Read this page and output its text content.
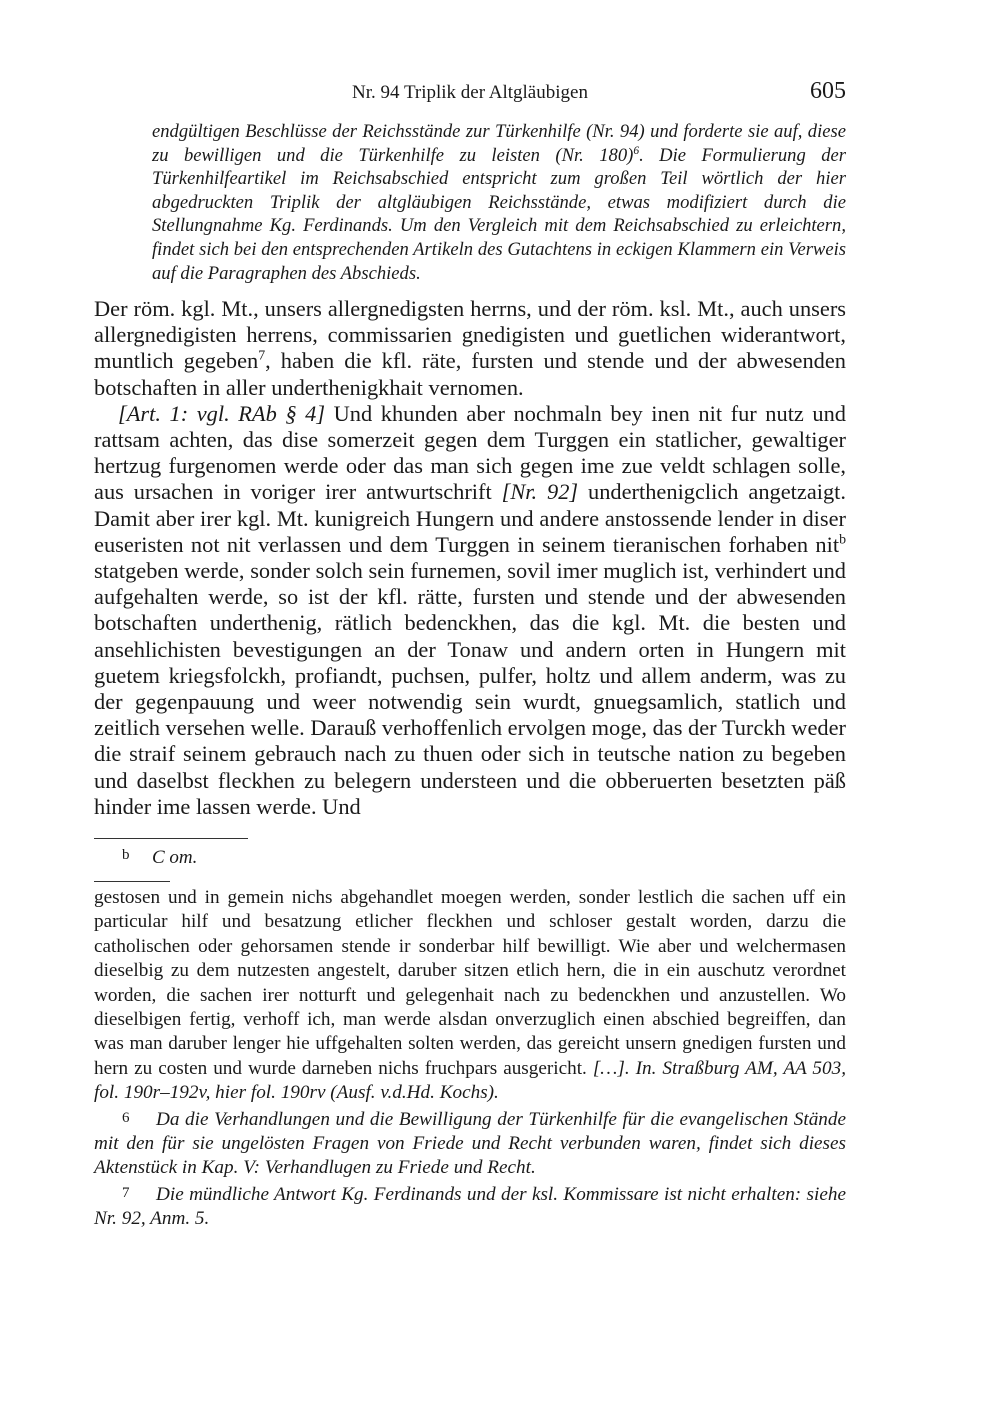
Nr. 94 Triplik der Altgläubigen	605

endgültigen Beschlüsse der Reichsstände zur Türkenhilfe (Nr. 94) und forderte sie auf, diese zu bewilligen und die Türkenhilfe zu leisten (Nr. 180)$^6$. Die Formulierung der Türkenhilfeartikel im Reichsabschied entspricht zum großen Teil wörtlich der hier abgedruckten Triplik der altgläubigen Reichsstände, etwas modifiziert durch die Stellungnahme Kg. Ferdinands. Um den Vergleich mit dem Reichsabschied zu erleichtern, findet sich bei den entsprechenden Artikeln des Gutachtens in eckigen Klammern ein Verweis auf die Paragraphen des Abschieds.

Der röm. kgl. Mt., unsers allergnedigsten herrns, und der röm. ksl. Mt., auch unsers allergnedigisten herrens, commissarien gnedigisten und guetlichen widerantwort, muntlich gegeben$^7$, haben die kfl. räte, fursten und stende und der abwesenden botschaften in aller underthenigkhait vernomen.

[Art. 1: vgl. RAb § 4] Und khunden aber nochmaln bey inen nit fur nutz und rattsam achten, das dise somerzeit gegen dem Turggen ein statlicher, gewaltiger hertzug furgenomen werde oder das man sich gegen ime zue veldt schlagen solle, aus ursachen in voriger irer antwurtschrift [Nr. 92] underthenigclich angetzaigt. Damit aber irer kgl. Mt. kunigreich Hungern und andere anstossende lender in diser euseristen not nit verlassen und dem Turggen in seinem tieranischen forhaben nit$^b$ statgeben werde, sonder solch sein furnemen, sovil imer muglich ist, verhindert und aufgehalten werde, so ist der kfl. rätte, fursten und stende und der abwesenden botschaften underthenig, rätlich bedenckhen, das die kgl. Mt. die besten und ansehlichisten bevestigungen an der Tonaw und andern orten in Hungern mit guetem kriegsfolckh, profiandt, puchsen, pulfer, holtz und allem anderm, was zu der gegenpauung und weer notwendig sein wurdt, gnuegsamlich, statlich und zeitlich versehen welle. Darauß verhoffenlich ervolgen moge, das der Turckh weder die straif seinem gebrauch nach zu thuen oder sich in teutsche nation zu begeben und daselbst fleckhen zu belegern understeen und die obberuerten besetzten päß hinder ime lassen werde. Und

b C om.

gestosen und in gemein nichs abgehandlet moegen werden, sonder lestlich die sachen uff ein particular hilf und besatzung etlicher fleckhen und schloser gestalt worden, darzu die catholischen oder gehorsamen stende ir sonderbar hilf bewilligt. Wie aber und welchermasen dieselbig zu dem nutzesten angestelt, daruber sitzen etlich hern, die in ein auschutz verordnet worden, die sachen irer notturft und gelegenhait nach zu bedenckhen und anzustellen. Wo dieselbigen fertig, verhoff ich, man werde alsdan onverzuglich einen abschied begreiffen, dan was man daruber lenger hie uffgehalten solten werden, das gereicht unsern gnedigen fursten und hern zu costen und wurde darneben nichs fruchpars ausgericht. […]. In. Straßburg AM, AA 503, fol. 190r–192v, hier fol. 190rv (Ausf. v.d.Hd. Kochs).

6 Da die Verhandlungen und die Bewilligung der Türkenhilfe für die evangelischen Stände mit den für sie ungelösten Fragen von Friede und Recht verbunden waren, findet sich dieses Aktenstück in Kap. V: Verhandlugen zu Friede und Recht.

7 Die mündliche Antwort Kg. Ferdinands und der ksl. Kommissare ist nicht erhalten: siehe Nr. 92, Anm. 5.
